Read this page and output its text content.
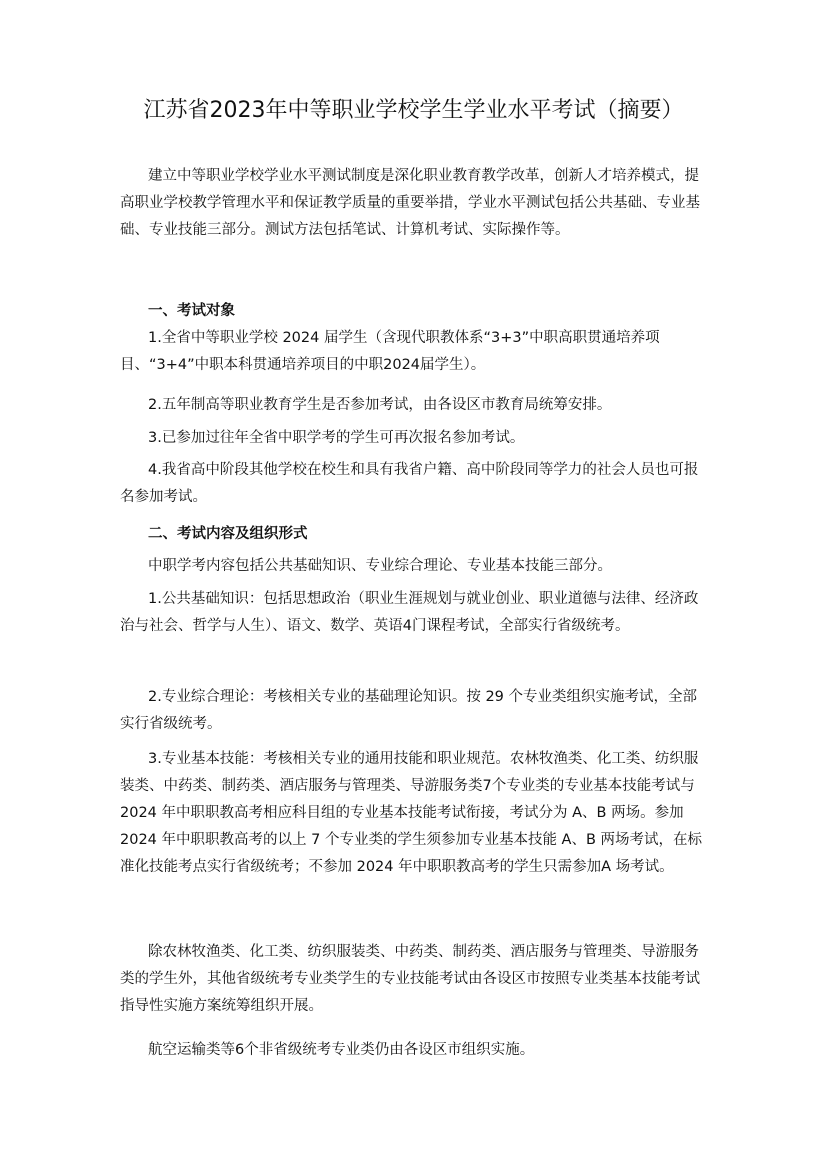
江苏省2023年中等职业学校学生学业水平考试（摘要）

建立中等职业学校学业水平测试制度是深化职业教育教学改革，创新人才培养模式，提高职业学校教学管理水平和保证教学质量的重要举措，学业水平测试包括公共基础、专业基础、专业技能三部分。测试方法包括笔试、计算机考试、实际操作等。

一、考试对象

1.全省中等职业学校 2024 届学生（含现代职教体系“3+3”中职高职贯通培养项目、“3+4”中职本科贯通培养项目的中职2024届学生）。

2.五年制高等职业教育学生是否参加考试，由各设区市教育局统筹安排。

3.已参加过往年全省中职学考的学生可再次报名参加考试。

4.我省高中阶段其他学校在校生和具有我省户籍、高中阶段同等学力的社会人员也可报名参加考试。

二、考试内容及组织形式

中职学考内容包括公共基础知识、专业综合理论、专业基本技能三部分。

1.公共基础知识：包括思想政治（职业生涯规划与就业创业、职业道德与法律、经济政治与社会、哲学与人生）、语文、数学、英语4门课程考试，全部实行省级统考。

2.专业综合理论：考核相关专业的基础理论知识。按 29 个专业类组织实施考试，全部实行省级统考。

3.专业基本技能：考核相关专业的通用技能和职业规范。农林牧渔类、化工类、纺织服装类、中药类、制药类、酒店服务与管理类、导游服务类7个专业类的专业基本技能考试与2024 年中职职教高考相应科目组的专业基本技能考试衔接，考试分为 A、B 两场。参加 2024 年中职职教高考的以上 7 个专业类的学生须参加专业基本技能 A、B 两场考试，在标准化技能考点实行省级统考；不参加 2024 年中职职教高考的学生只需参加A 场考试。

除农林牧渔类、化工类、纺织服装类、中药类、制药类、酒店服务与管理类、导游服务类的学生外，其他省级统考专业类学生的专业技能考试由各设区市按照专业类基本技能考试指导性实施方案统筹组织开展。

航空运输类等6个非省级统考专业类仍由各设区市组织实施。
